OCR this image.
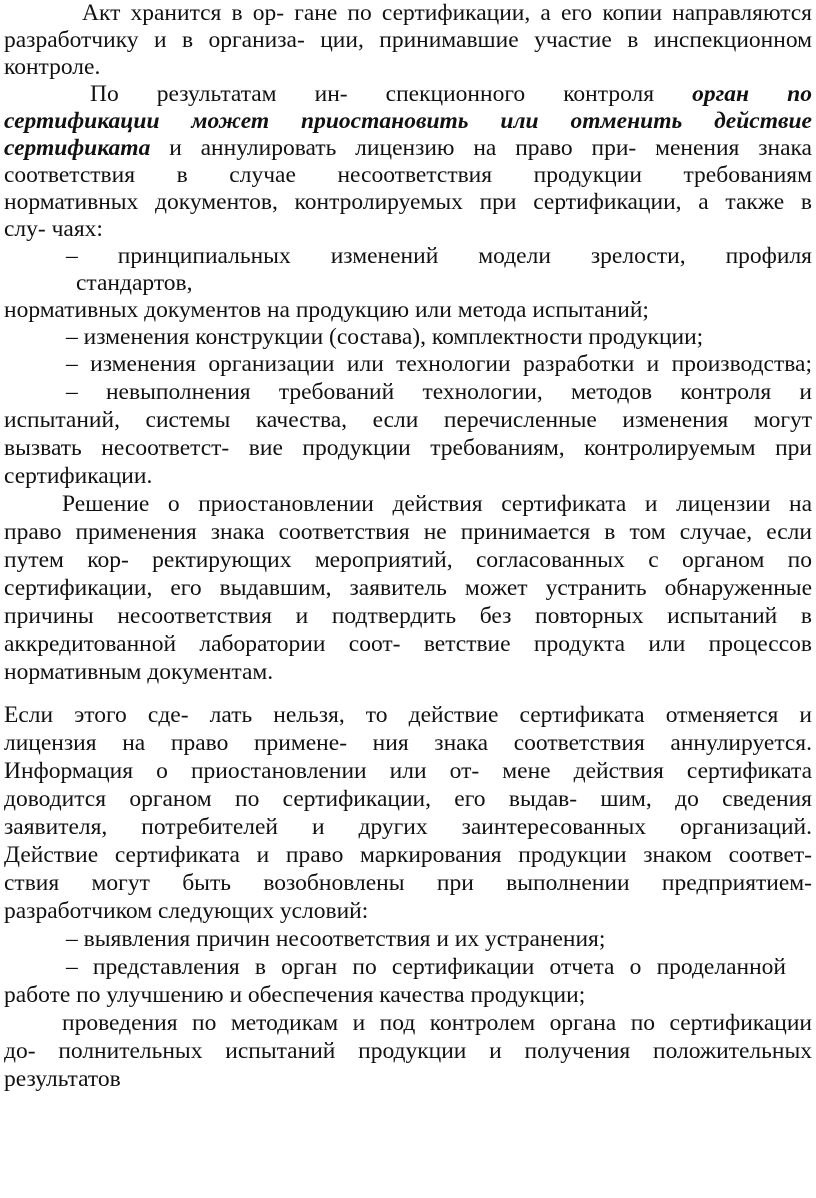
Акт хранится в ор- гане по сертификации, а его копии направляются

разработчику и в организа- ции, принимавшие участие в инспекционном

контроле.

По результатам ин- спекционного контроля орган по

сертификации может приостановить или отменить действие

сертификата и аннулировать лицензию на право при- менения знака

соответствия в случае несоответствия продукции требованиям

нормативных документов, контролируемых при сертификации, а также в

слу- чаях:

– принципиальных изменений модели зрелости, профиля

стандартов,

нормативных документов на продукцию или метода испытаний;

– изменения конструкции (состава), комплектности продукции;

– изменения организации или технологии разработки и производства;

– невыполнения требований технологии, методов контроля и

испытаний, системы качества, если перечисленные изменения могут

вызвать несоответст- вие продукции требованиям, контролируемым при

сертификации.

Решение о приостановлении действия сертификата и лицензии на

право применения знака соответствия не принимается в том случае, если

путем кор- ректирующих мероприятий, согласованных с органом по

сертификации, его выдавшим, заявитель может устранить обнаруженные

причины несоответствия и подтвердить без повторных испытаний в

аккредитованной лаборатории соот- ветствие продукта или процессов

нормативным документам.

Если этого сде- лать нельзя, то действие сертификата отменяется и

лицензия на право примене- ния знака соответствия аннулируется.

Информация о приостановлении или от- мене действия сертификата

доводится органом по сертификации, его выдав- шим, до сведения

заявителя, потребителей и других заинтересованных организаций.

Действие сертификата и право маркирования продукции знаком соответ-

ствия могут быть возобновлены при выполнении предприятием-

разработчиком следующих условий:

– выявления причин несоответствия и их устранения;

– представления в орган по сертификации отчета о проделанной

работе по улучшению и обеспечения качества продукции;

проведения по методикам и под контролем органа по сертификации

до- полнительных испытаний продукции и получения положительных

результатов
